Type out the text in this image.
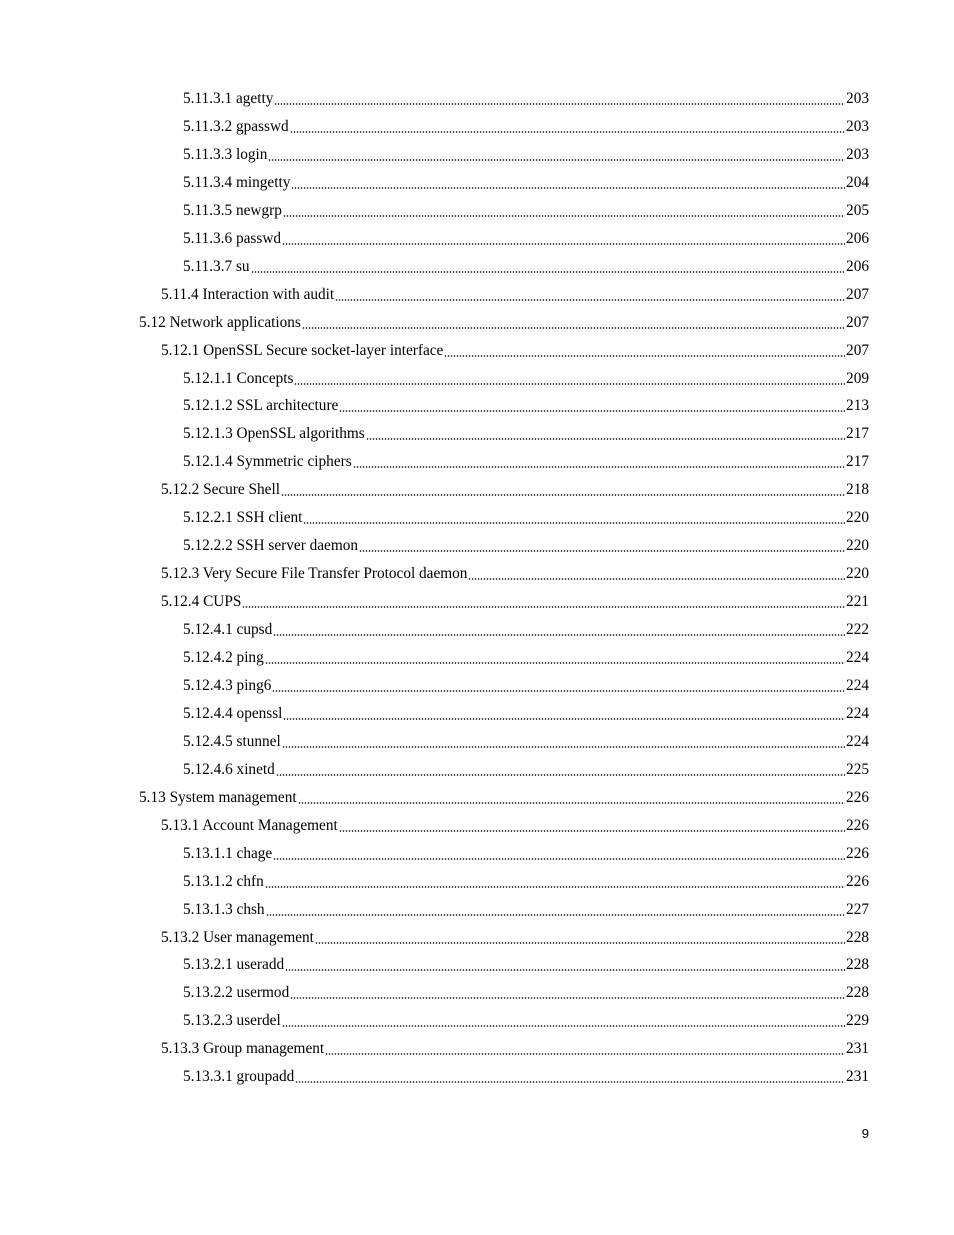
5.11.3.1 agetty	203
5.11.3.2 gpasswd	203
5.11.3.3 login	203
5.11.3.4 mingetty	204
5.11.3.5 newgrp	205
5.11.3.6 passwd	206
5.11.3.7 su	206
5.11.4 Interaction with audit	207
5.12 Network applications	207
5.12.1 OpenSSL Secure socket-layer interface	207
5.12.1.1 Concepts	209
5.12.1.2 SSL architecture	213
5.12.1.3 OpenSSL algorithms	217
5.12.1.4 Symmetric ciphers	217
5.12.2 Secure Shell	218
5.12.2.1 SSH client	220
5.12.2.2 SSH server daemon	220
5.12.3 Very Secure File Transfer Protocol daemon	220
5.12.4 CUPS	221
5.12.4.1 cupsd	222
5.12.4.2 ping	224
5.12.4.3 ping6	224
5.12.4.4 openssl	224
5.12.4.5 stunnel	224
5.12.4.6 xinetd	225
5.13 System management	226
5.13.1 Account Management	226
5.13.1.1 chage	226
5.13.1.2 chfn	226
5.13.1.3 chsh	227
5.13.2 User management	228
5.13.2.1 useradd	228
5.13.2.2 usermod	228
5.13.2.3 userdel	229
5.13.3 Group management	231
5.13.3.1 groupadd	231
9
